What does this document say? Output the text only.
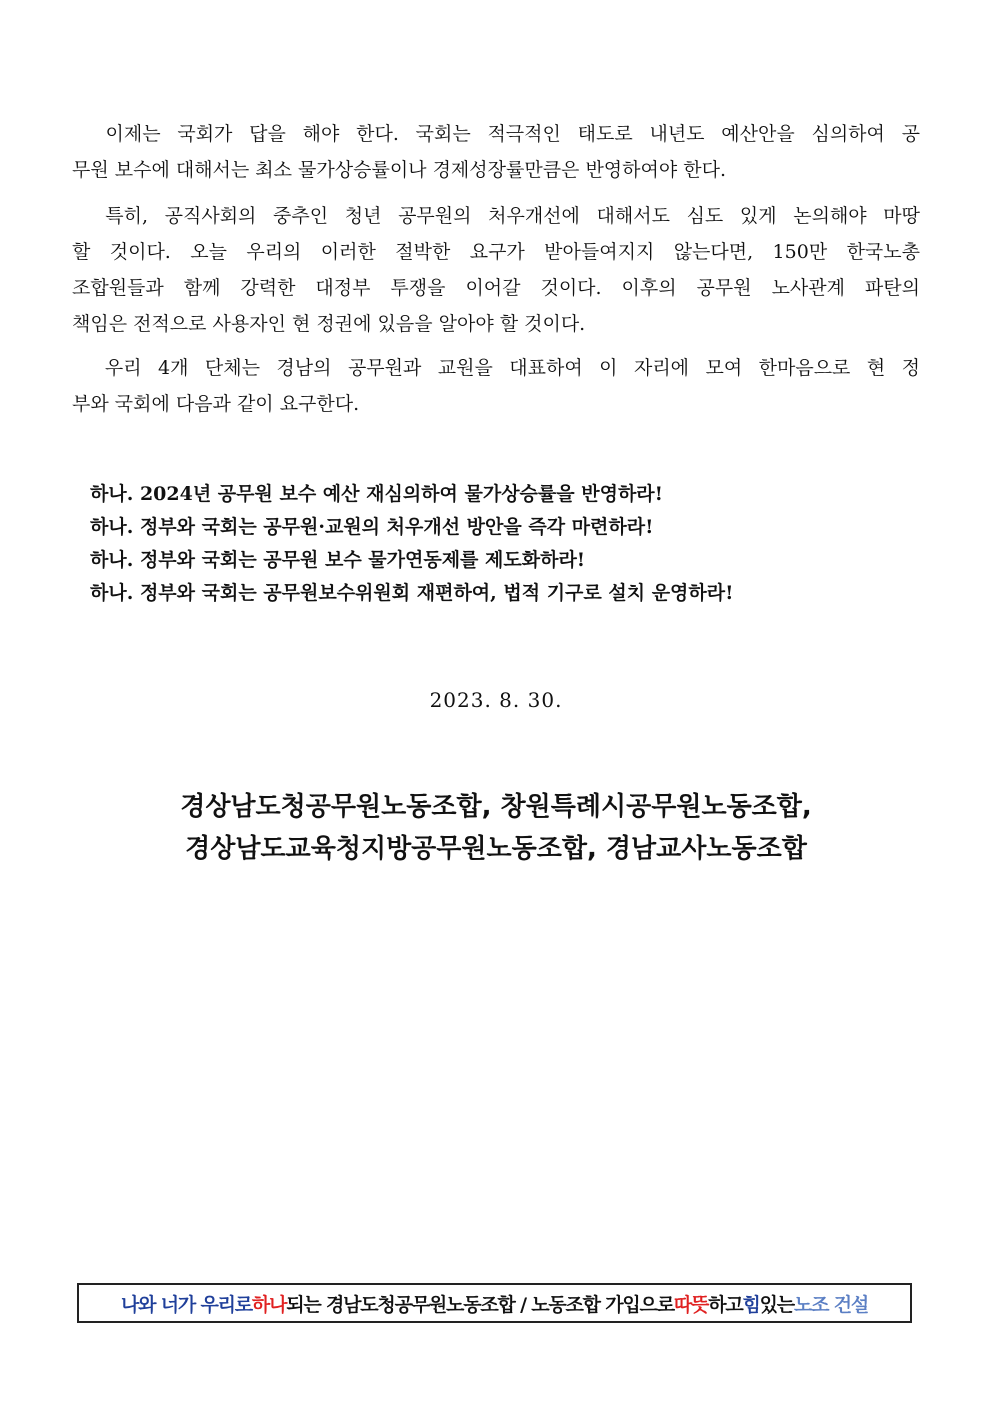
이제는 국회가 답을 해야 한다. 국회는 적극적인 태도로 내년도 예산안을 심의하여 공
무원 보수에 대해서는 최소 물가상승률이나 경제성장률만큼은 반영하여야 한다.

특히, 공직사회의 중추인 청년 공무원의 처우개선에 대해서도 심도 있게 논의해야 마땅
할 것이다. 오늘 우리의 이러한 절박한 요구가 받아들여지지 않는다면, 150만 한국노총
조합원들과 함께 강력한 대정부 투쟁을 이어갈 것이다. 이후의 공무원 노사관계 파탄의
책임은 전적으로 사용자인 현 정권에 있음을 알아야 할 것이다.

우리 4개 단체는 경남의 공무원과 교원을 대표하여 이 자리에 모여 한마음으로 현 정
부와 국회에 다음과 같이 요구한다.

하나. 2024년 공무원 보수 예산 재심의하여 물가상승률을 반영하라!
하나. 정부와 국회는 공무원·교원의 처우개선 방안을 즉각 마련하라!
하나. 정부와 국회는 공무원 보수 물가연동제를 제도화하라!
하나. 정부와 국회는 공무원보수위원회 재편하여, 법적 기구로 설치 운영하라!
2023. 8. 30.
경상남도청공무원노동조합, 창원특례시공무원노동조합,
경상남도교육청지방공무원노동조합, 경남교사노동조합
나와 너가 우리로 하나 되는 경남도청공무원노동조합 / 노동조합 가입으로 따뜻 하고 힘 있는 노조 건설
